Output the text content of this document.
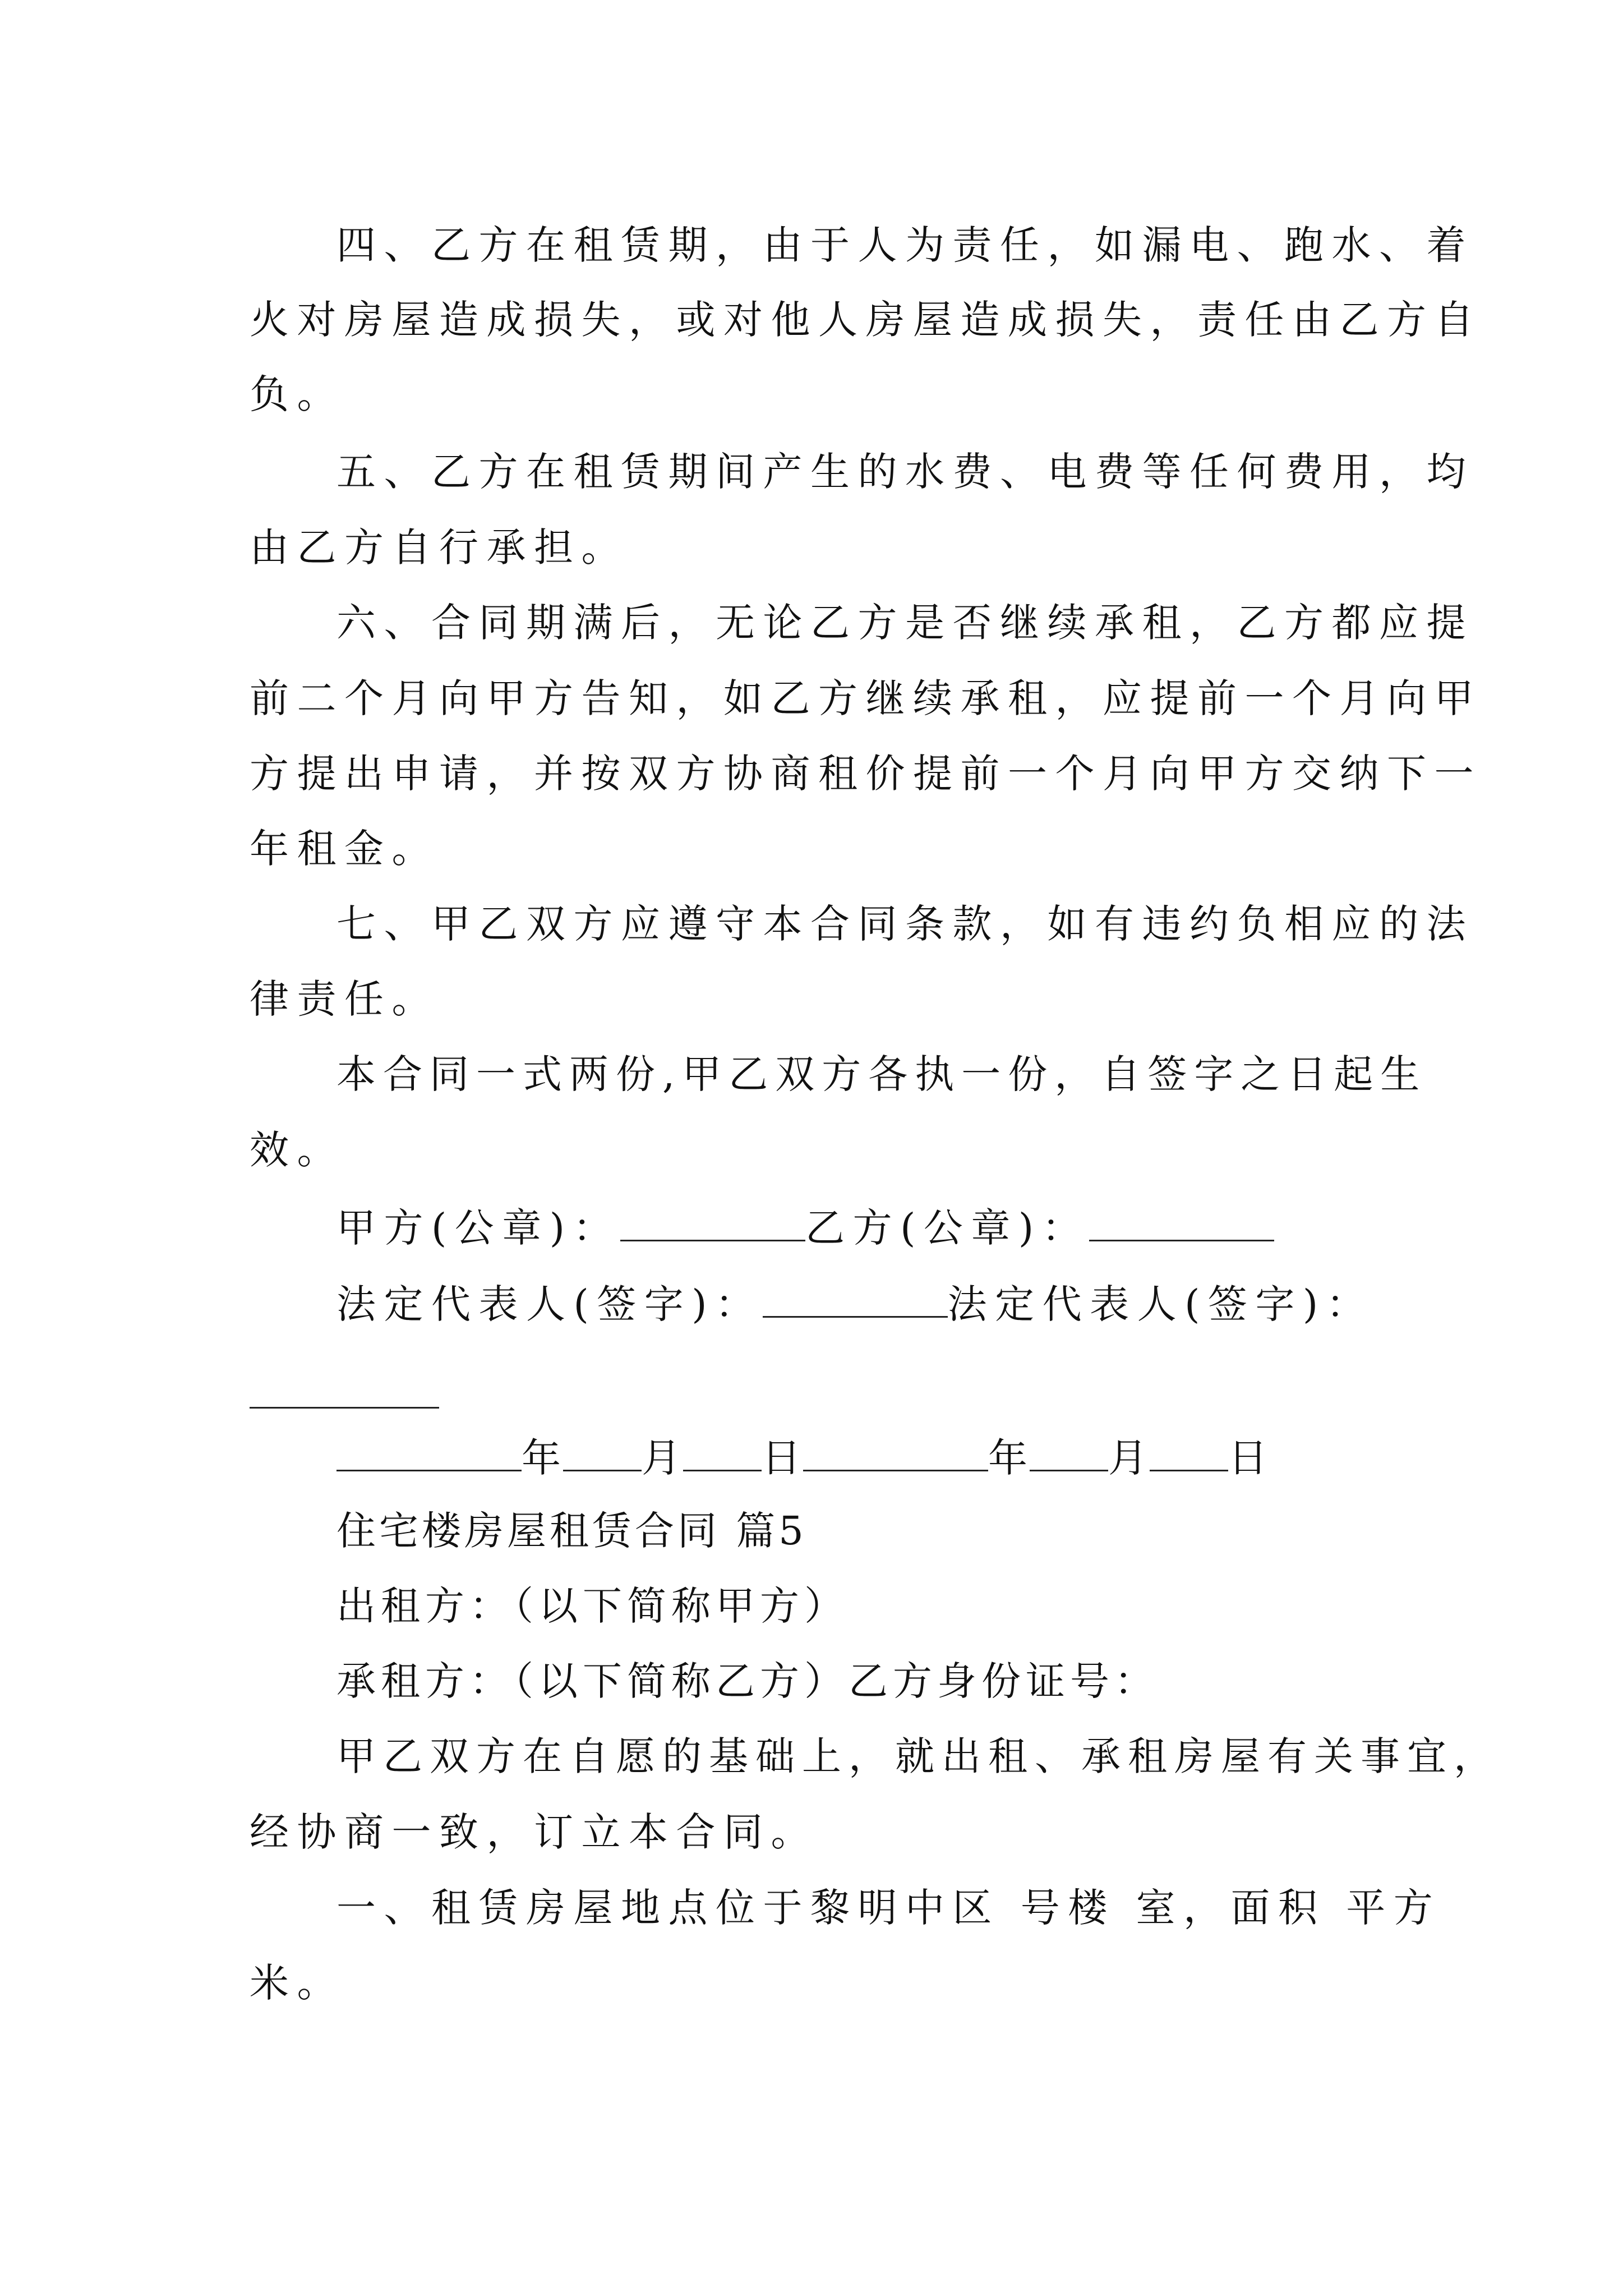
四、乙方在租赁期，由于人为责任，如漏电、跑水、着
火对房屋造成损失，或对他人房屋造成损失，责任由乙方自
负。
五、乙方在租赁期间产生的水费、电费等任何费用，均
由乙方自行承担。
六、合同期满后，无论乙方是否继续承租，乙方都应提
前二个月向甲方告知，如乙方继续承租，应提前一个月向甲
方提出申请，并按双方协商租价提前一个月向甲方交纳下一
年租金。
七、甲乙双方应遵守本合同条款，如有违约负相应的法
律责任。
本合同一式两份,甲乙双方各执一份，自签字之日起生
效。
甲方(公章)：	乙方(公章)：
法定代表人(签字)：	法定代表人(签字)：
年 月 日	年 月 日
住宅楼房屋租赁合同 篇5
出租方：（以下简称甲方）
承租方：（以下简称乙方）乙方身份证号：
甲乙双方在自愿的基础上，就出租、承租房屋有关事宜，
经协商一致，订立本合同。
一、租赁房屋地点位于黎明中区 号楼 室，面积 平方
米。
